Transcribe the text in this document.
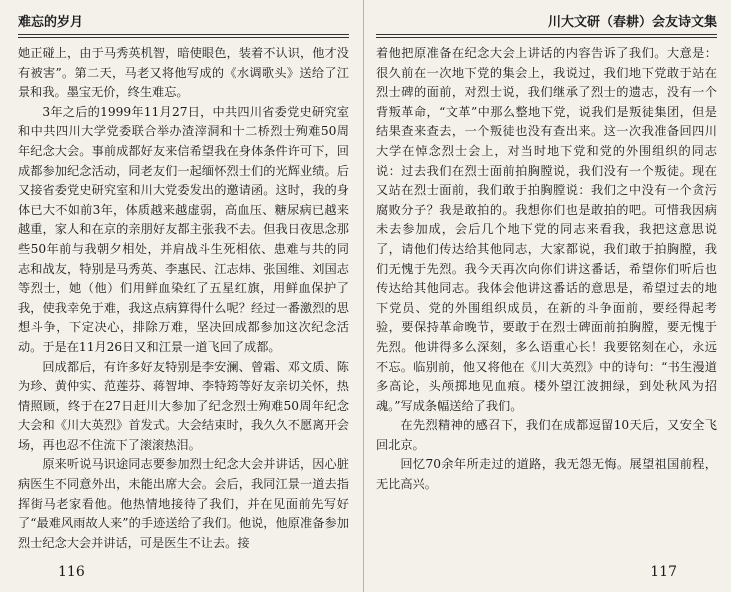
难忘的岁月

她正碰上，由于马秀英机智，暗使眼色，装着不认识，他才没有被害”。第二天，马老又将他写成的《水调歌头》送给了江景和我。墨宝无价，终生难忘。

3年之后的1999年11月27日，中共四川省委党史研究室和中共四川大学党委联合举办渣滓洞和十二桥烈士殉难50周年纪念大会。事前成都好友来信希望我在身体条件许可下，回成都参加纪念活动，同老友们一起缅怀烈士们的光辉业绩。后又接省委党史研究室和川大党委发出的邀请函。这时，我的身体已大不如前3年，体质越来越虚弱，高血压、糖尿病已越来越重，家人和在京的亲朋好友都主张我不去。但我日夜思念那些50年前与我朝夕相处，并肩战斗生死相依、患难与共的同志和战友，特别是马秀英、李惠民、江志炜、张国维、刘国志等烈士，她（他）们用鲜血染红了五星红旗，用鲜血保护了我，使我幸免于难，我这点病算得什么呢？经过一番激烈的思想斗争，下定决心，排除万难，坚决回成都参加这次纪念活动。于是在11月26日又和江景一道飞回了成都。

回成都后，有许多好友特别是李安澜、曾霜、邓文质、陈为珍、黄仲实、范莲芬、蒋智坤、李特筠等好友亲切关怀，热情照顾，终于在27日赶川大参加了纪念烈士殉难50周年纪念大会和《川大英烈》首发式。大会结束时，我久久不愿离开会场，再也忍不住流下了滚滚热泪。

原来听说马识途同志要参加烈士纪念大会并讲话，因心脏病医生不同意外出，未能出席大会。会后，我同江景一道去指挥街马老家看他。他热情地接待了我们，并在见面前先写好了“最难风雨故人来”的手迹送给了我们。他说，他原准备参加烈士纪念大会并讲话，可是医生不让去。接

116
川大文研（春耕）会友诗文集

着他把原准备在纪念大会上讲话的内容告诉了我们。大意是：很久前在一次地下党的集会上，我说过，我们地下党敢于站在烈士碑的面前，对烈士说，我们继承了烈士的遗志，没有一个背叛革命，“文革”中那么整地下党，说我们是叛徒集团，但是结果查来查去，一个叛徒也没有查出来。这一次我准备回四川大学在悼念烈士会上，对当时地下党和党的外围组织的同志说：过去我们在烈士面前拍胸膛说，我们没有一个叛徒。现在又站在烈士面前，我们敢于拍胸膛说：我们之中没有一个贪污腐败分子？我是敢拍的。我想你们也是敢拍的吧。可惜我因病未去参加成，会后几个地下党的同志来看我，我把这意思说了，请他们传达给其他同志，大家都说，我们敢于拍胸膛，我们无愧于先烈。我今天再次向你们讲这番话，希望你们听后也传达给其他同志。我体会他讲这番话的意思是，希望过去的地下党员、党的外围组织成员，在新的斗争面前，要经得起考验，要保持革命晚节，要敢于在烈士碑面前拍胸膛，要无愧于先烈。他讲得多么深刻，多么语重心长！我要铭刻在心，永远不忘。临别前，他又将他在《川大英烈》中的诗句：“书生漫道多高论，头颅掷地见血痕。楼外望江波拥绿，到处秋风为招魂。”写成条幅送给了我们。

在先烈精神的感召下，我们在成都逗留10天后，又安全飞回北京。

回忆70余年所走过的道路，我无怨无悔。展望祖国前程，无比高兴。

117
